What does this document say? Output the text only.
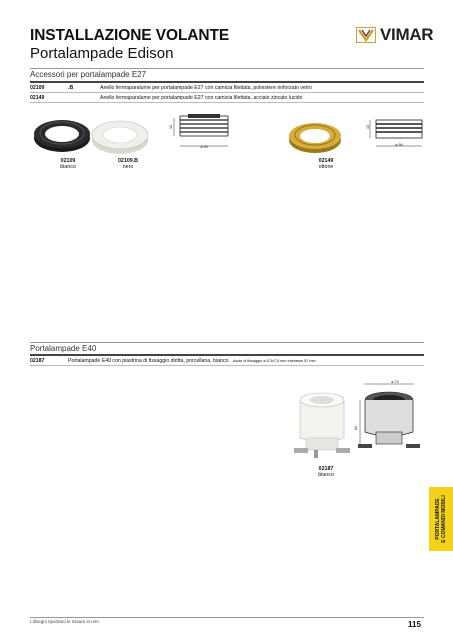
INSTALLAZIONE VOLANTE
Portalampade Edison
VIMAR
Accessori per portalampade E27
02109	.B	Anello fermaparalume per portalampade E27 con camicia filettata, poliestere rinforzato vetro
02149	Anello fermaparalume per portalampade E27 con camicia filettata, acciaio zincato lucido
12
ø 55
13
ø 56
02109
bianco
02109.B
nero
02149
ottone
Portalampade E40
02187	Portalampade E40 con piastrina di fissaggio diritta, porcellana, bianco. Asole di fissaggio ø 5,3x7,5 mm interasse 57 mm
ø 74
84
02187
bianco
PORTALAMPADE E COMANDI MOBILI
I disegni riportano le misure in mm	115
